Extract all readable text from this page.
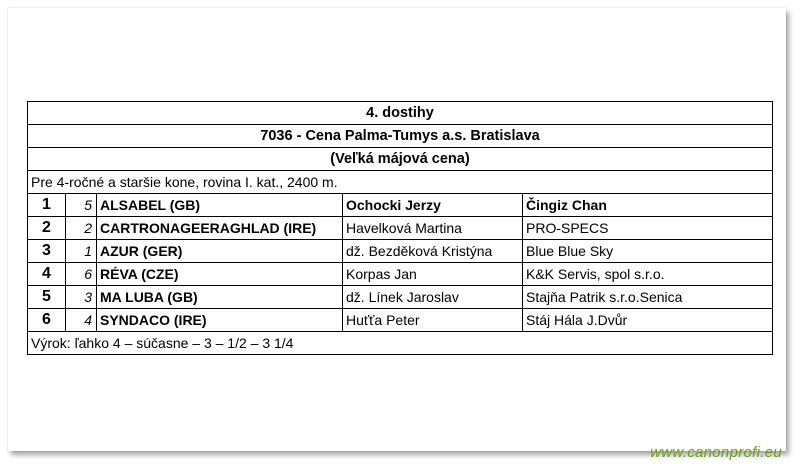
4. dostihy				
7036 - Cena Palma-Tumys a.s. Bratislava				
(Veľká májová cena)				
Pre 4-ročné a staršie kone, rovina I. kat., 2400 m.				
1	5	ALSABEL (GB)	Ochocki Jerzy	Čingiz Chan
2	2	CARTRONAGEERAGHLAD (IRE)	Havelková Martina	PRO-SPECS
3	1	AZUR (GER)	dž. Bezděková Kristýna	Blue Blue Sky
4	6	RÉVA (CZE)	Korpas Jan	K&K Servis, spol s.r.o.
5	3	MA LUBA (GB)	dž. Línek Jaroslav	Stajňa Patrik s.r.o.Senica
6	4	SYNDACO (IRE)	Huťťa Peter	Stáj Hála J.Dvůr
Výrok: ľahko 4 – súčasne – 3 – 1/2 – 3 1/4				
www.canonprofi.eu
